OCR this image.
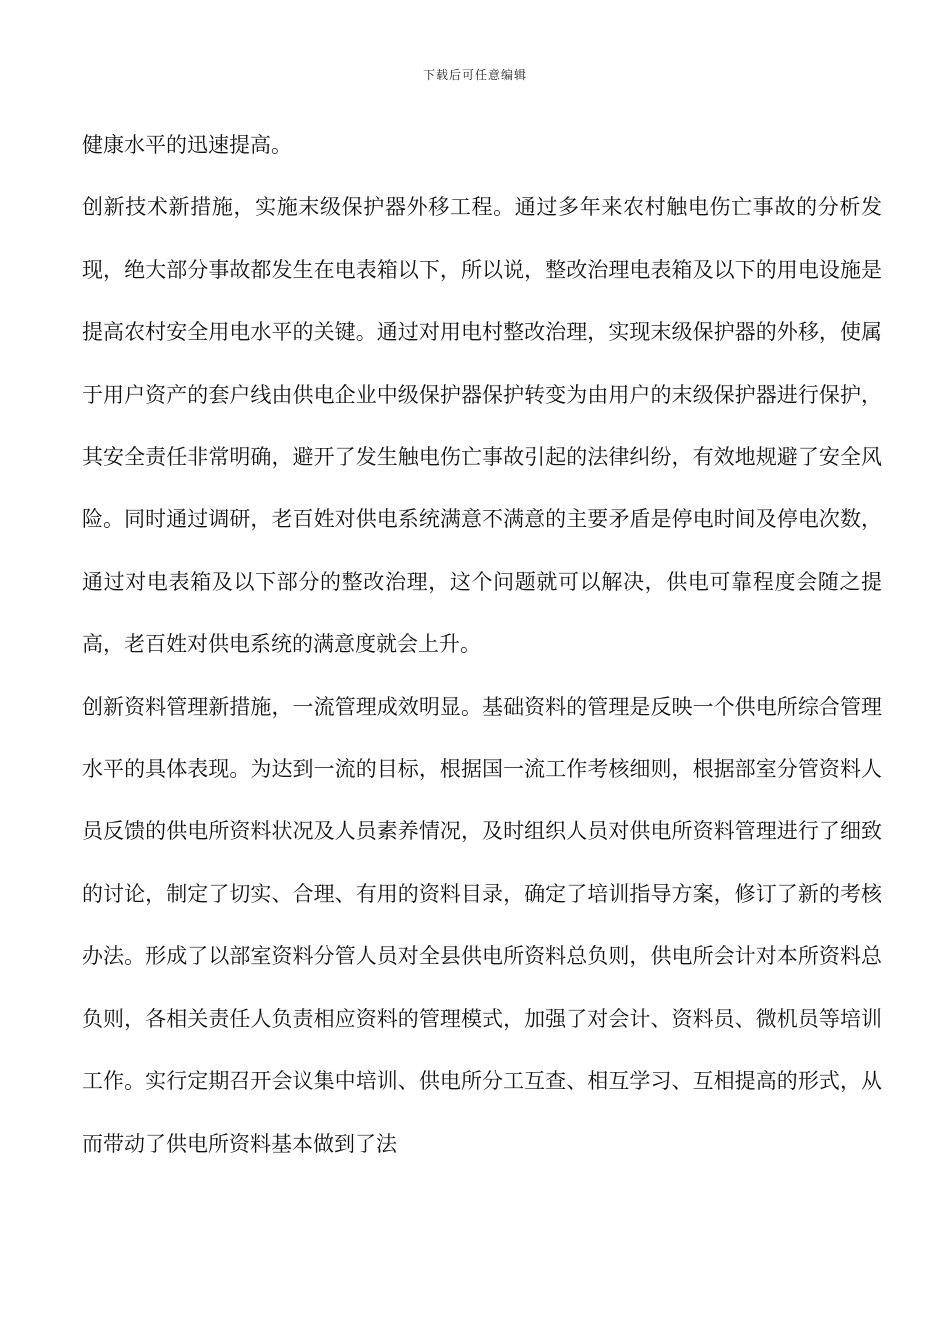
下载后可任意编辑

健康水平的迅速提高。

创新技术新措施，实施末级保护器外移工程。通过多年来农村触电伤亡事故的分析发现，绝大部分事故都发生在电表箱以下，所以说，整改治理电表箱及以下的用电设施是提高农村安全用电水平的关键。通过对用电村整改治理，实现末级保护器的外移，使属于用户资产的套户线由供电企业中级保护器保护转变为由用户的末级保护器进行保护，其安全责任非常明确，避开了发生触电伤亡事故引起的法律纠纷，有效地规避了安全风险。同时通过调研，老百姓对供电系统满意不满意的主要矛盾是停电时间及停电次数，通过对电表箱及以下部分的整改治理，这个问题就可以解决，供电可靠程度会随之提高，老百姓对供电系统的满意度就会上升。

创新资料管理新措施，一流管理成效明显。基础资料的管理是反映一个供电所综合管理水平的具体表现。为达到一流的目标，根据国一流工作考核细则，根据部室分管资料人员反馈的供电所资料状况及人员素养情况，及时组织人员对供电所资料管理进行了细致的讨论，制定了切实、合理、有用的资料目录，确定了培训指导方案，修订了新的考核办法。形成了以部室资料分管人员对全县供电所资料总负则，供电所会计对本所资料总负则，各相关责任人负责相应资料的管理模式，加强了对会计、资料员、微机员等培训工作。实行定期召开会议集中培训、供电所分工互查、相互学习、互相提高的形式，从而带动了供电所资料基本做到了法
